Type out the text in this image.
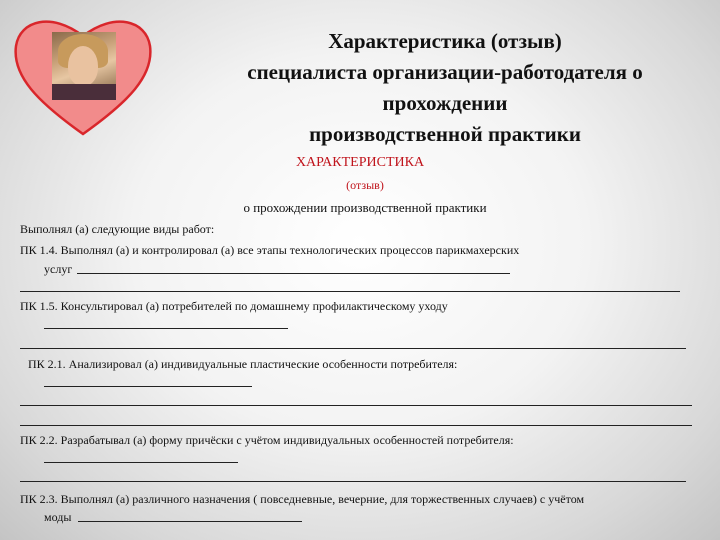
Характеристика (отзыв)
специалиста организации-работодателя о
прохождении
производственной практики
ХАРАКТЕРИСТИКА
(отзыв)
о прохождении производственной практики
Выполнял (а) следующие виды работ:
ПК 1.4. Выполнял (а) и контролировал (а) все этапы технологических процессов парикмахерских
услуг
ПК 1.5. Консультировал (а) потребителей по домашнему профилактическому уходу
ПК 2.1. Анализировал (а) индивидуальные пластические особенности потребителя:
ПК 2.2. Разрабатывал (а) форму причёски с учётом индивидуальных особенностей потребителя:
ПК 2.3. Выполнял (а) различного назначения ( повседневные, вечерние, для торжественных случаев) с учётом
моды
